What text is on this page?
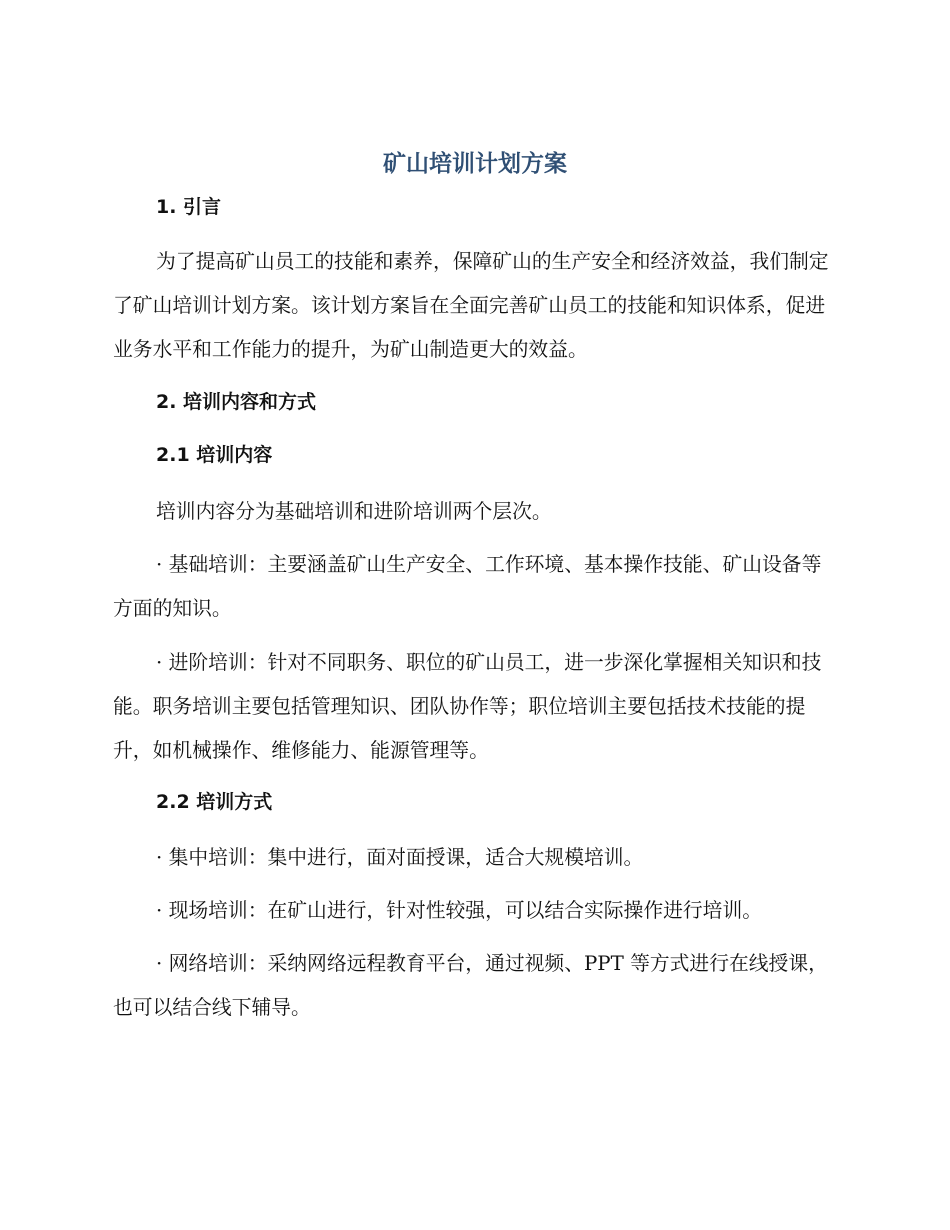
矿山培训计划方案
1. 引言

为了提高矿山员工的技能和素养，保障矿山的生产安全和经济效益，我们制定了矿山培训计划方案。该计划方案旨在全面完善矿山员工的技能和知识体系，促进业务水平和工作能力的提升，为矿山制造更大的效益。

2. 培训内容和方式
2.1 培训内容

培训内容分为基础培训和进阶培训两个层次。

· 基础培训：主要涵盖矿山生产安全、工作环境、基本操作技能、矿山设备等方面的知识。

· 进阶培训：针对不同职务、职位的矿山员工，进一步深化掌握相关知识和技能。职务培训主要包括管理知识、团队协作等；职位培训主要包括技术技能的提升，如机械操作、维修能力、能源管理等。

2.2 培训方式

· 集中培训：集中进行，面对面授课，适合大规模培训。

· 现场培训：在矿山进行，针对性较强，可以结合实际操作进行培训。

· 网络培训：采纳网络远程教育平台，通过视频、PPT 等方式进行在线授课，也可以结合线下辅导。
